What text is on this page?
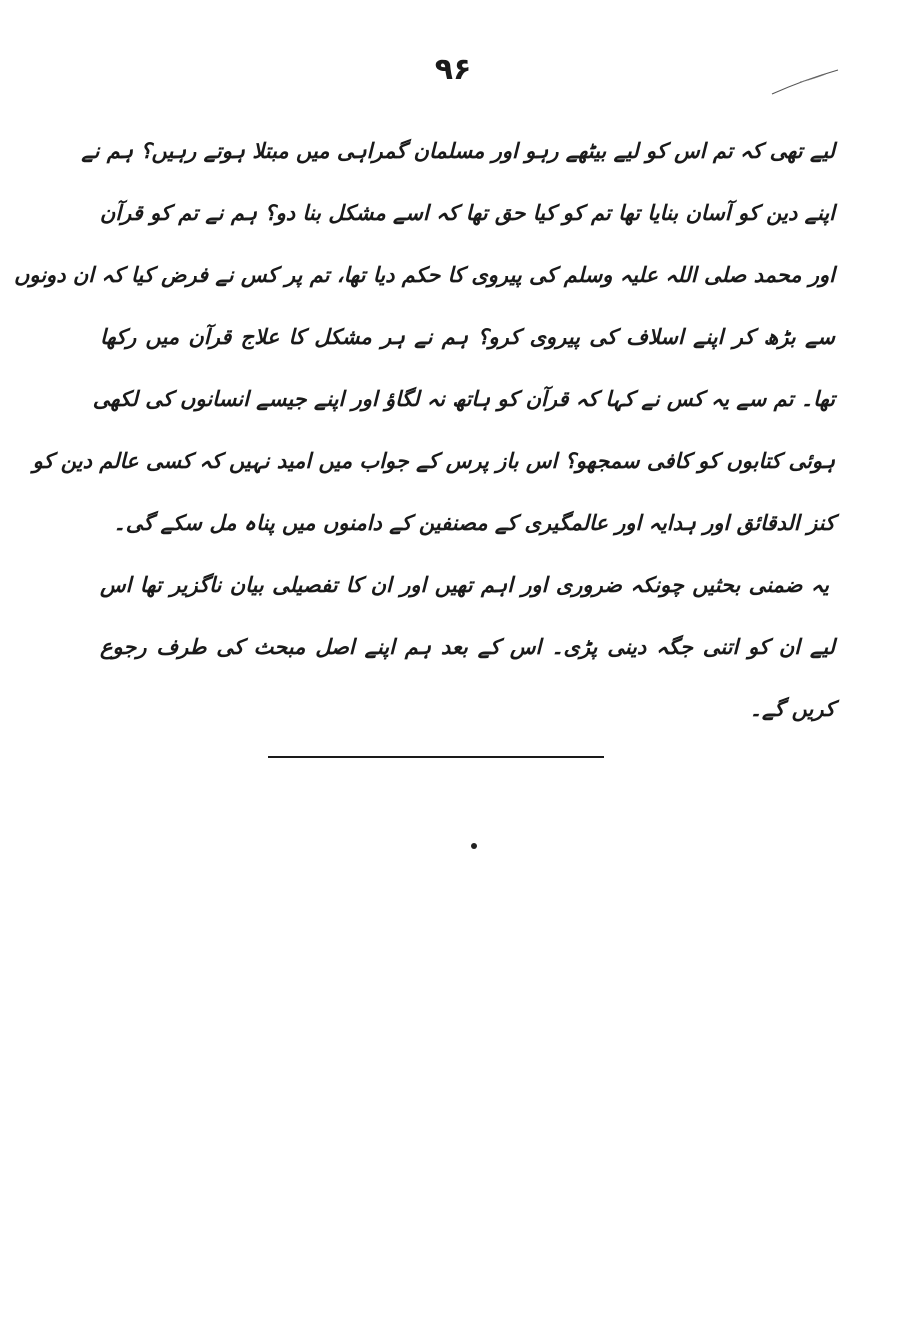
۹۶
لیے تھی کہ تم اس کو لیے بیٹھے رہو اور مسلمان گمراہی میں مبتلا ہوتے رہیں؟ ہم نے
اپنے دین کو آسان بنایا تھا تم کو کیا حق تھا کہ اسے مشکل بنا دو؟ ہم نے تم کو قرآن
اور محمد صلی اللہ علیہ وسلم کی پیروی کا حکم دیا تھا، تم پر کس نے فرض کیا کہ ان دونوں
سے بڑھ کر اپنے اسلاف کی پیروی کرو؟ ہم نے ہر مشکل کا علاج قرآن میں رکھا
تھا۔ تم سے یہ کس نے کہا کہ قرآن کو ہاتھ نہ لگاؤ اور اپنے جیسے انسانوں کی لکھی
ہوئی کتابوں کو کافی سمجھو؟ اس باز پرس کے جواب میں امید نہیں کہ کسی عالم دین کو
کنز الدقائق اور ہدایہ اور عالمگیری کے مصنفین کے دامنوں میں پناہ مل سکے گی۔
یہ ضمنی بحثیں چونکہ ضروری اور اہم تھیں اور ان کا تفصیلی بیان ناگزیر تھا اس
لیے ان کو اتنی جگہ دینی پڑی۔ اس کے بعد ہم اپنے اصل مبحث کی طرف رجوع
کریں گے۔
